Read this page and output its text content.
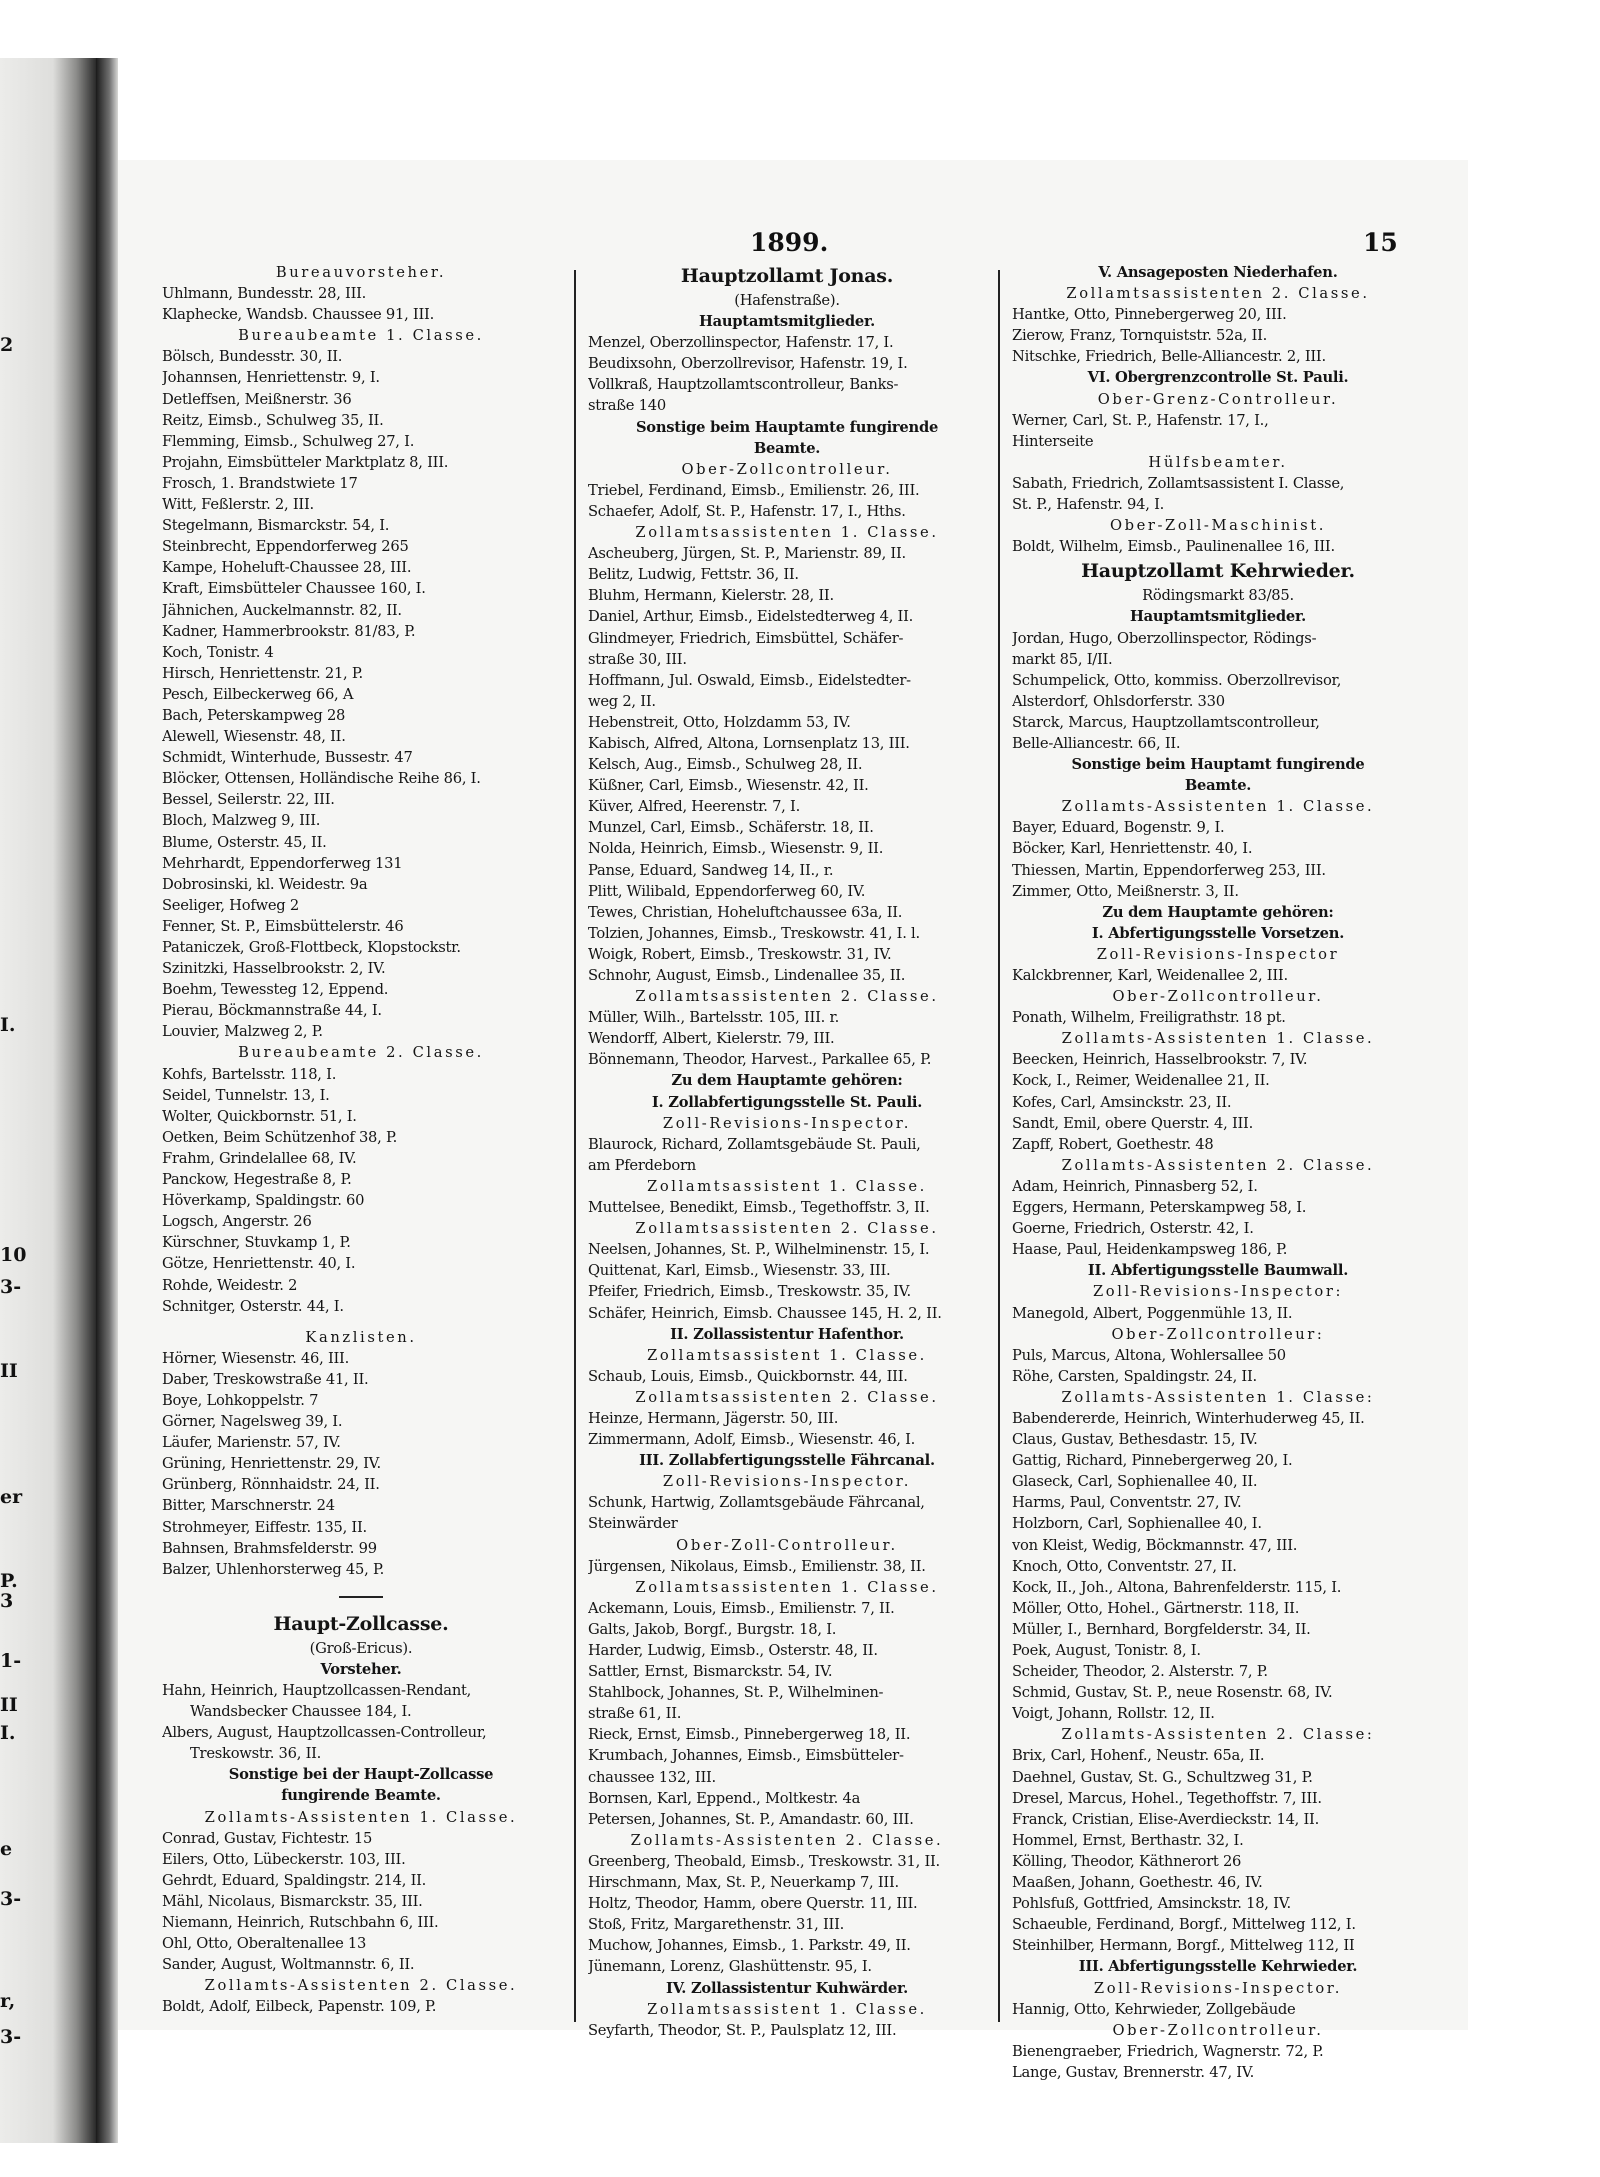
2
I.
10
3-
II
er
P.
3
1-
II
I.
e
3-
r,
3-
1899.	15
Bureauvorsteher.
Uhlmann, Bundesstr. 28, III.
Klaphecke, Wandsb. Chaussee 91, III.
Bureaubeamte 1. Classe.
Bölsch, Bundesstr. 30, II.
Johannsen, Henriettenstr. 9, I.
Detleffsen, Meißnerstr. 36
Reitz, Eimsb., Schulweg 35, II.
Flemming, Eimsb., Schulweg 27, I.
Projahn, Eimsbütteler Marktplatz 8, III.
Frosch, 1. Brandstwiete 17
Witt, Feßlerstr. 2, III.
Stegelmann, Bismarckstr. 54, I.
Steinbrecht, Eppendorferweg 265
Kampe, Hoheluft-Chaussee 28, III.
Kraft, Eimsbütteler Chaussee 160, I.
Jähnichen, Auckelmannstr. 82, II.
Kadner, Hammerbrookstr. 81/83, P.
Koch, Tonistr. 4
Hirsch, Henriettenstr. 21, P.
Pesch, Eilbeckerweg 66, A
Bach, Peterskampweg 28
Alewell, Wiesenstr. 48, II.
Schmidt, Winterhude, Bussestr. 47
Blöcker, Ottensen, Holländische Reihe 86, I.
Bessel, Seilerstr. 22, III.
Bloch, Malzweg 9, III.
Blume, Osterstr. 45, II.
Mehrhardt, Eppendorferweg 131
Dobrosinski, kl. Weidestr. 9a
Seeliger, Hofweg 2
Fenner, St. P., Eimsbüttelerstr. 46
Pataniczek, Groß-Flottbeck, Klopstockstr.
Szinitzki, Hasselbrookstr. 2, IV.
Boehm, Tewessteg 12, Eppend.
Pierau, Böckmannstraße 44, I.
Louvier, Malzweg 2, P.
Bureaubeamte 2. Classe.
Kohfs, Bartelsstr. 118, I.
Seidel, Tunnelstr. 13, I.
Wolter, Quickbornstr. 51, I.
Oetken, Beim Schützenhof 38, P.
Frahm, Grindelallee 68, IV.
Panckow, Hegestraße 8, P.
Höverkamp, Spaldingstr. 60
Logsch, Angerstr. 26
Kürschner, Stuvkamp 1, P.
Götze, Henriettenstr. 40, I.
Rohde, Weidestr. 2
Schnitger, Osterstr. 44, I.
Kanzlisten.
Hörner, Wiesenstr. 46, III.
Daber, Treskowstraße 41, II.
Boye, Lohkoppelstr. 7
Görner, Nagelsweg 39, I.
Läufer, Marienstr. 57, IV.
Grüning, Henriettenstr. 29, IV.
Grünberg, Rönnhaidstr. 24, II.
Bitter, Marschnerstr. 24
Strohmeyer, Eiffestr. 135, II.
Bahnsen, Brahmsfelderstr. 99
Balzer, Uhlenhorsterweg 45, P.
Haupt-Zollcasse.
(Groß-Ericus).
Vorsteher.
Hahn, Heinrich, Hauptzollcassen-Rendant,
Wandsbecker Chaussee 184, I.
Albers, August, Hauptzollcassen-Controlleur,
Treskowstr. 36, II.
Sonstige bei der Haupt-Zollcasse
fungirende Beamte.
Zollamts-Assistenten 1. Classe.
Conrad, Gustav, Fichtestr. 15
Eilers, Otto, Lübeckerstr. 103, III.
Gehrdt, Eduard, Spaldingstr. 214, II.
Mähl, Nicolaus, Bismarckstr. 35, III.
Niemann, Heinrich, Rutschbahn 6, III.
Ohl, Otto, Oberaltenallee 13
Sander, August, Woltmannstr. 6, II.
Zollamts-Assistenten 2. Classe.
Boldt, Adolf, Eilbeck, Papenstr. 109, P.
Hauptzollamt Jonas.
(Hafenstraße).
Hauptamtsmitglieder.
Menzel, Oberzollinspector, Hafenstr. 17, I.
Beudixsohn, Oberzollrevisor, Hafenstr. 19, I.
Vollkraß, Hauptzollamtscontrolleur, Banks-
straße 140
Sonstige beim Hauptamte fungirende
Beamte.
Ober-Zollcontrolleur.
Triebel, Ferdinand, Eimsb., Emilienstr. 26, III.
Schaefer, Adolf, St. P., Hafenstr. 17, I., Hths.
Zollamtsassistenten 1. Classe.
Ascheuberg, Jürgen, St. P., Marienstr. 89, II.
Belitz, Ludwig, Fettstr. 36, II.
Bluhm, Hermann, Kielerstr. 28, II.
Daniel, Arthur, Eimsb., Eidelstedterweg 4, II.
Glindmeyer, Friedrich, Eimsbüttel, Schäfer-
straße 30, III.
Hoffmann, Jul. Oswald, Eimsb., Eidelstedter-
weg 2, II.
Hebenstreit, Otto, Holzdamm 53, IV.
Kabisch, Alfred, Altona, Lornsenplatz 13, III.
Kelsch, Aug., Eimsb., Schulweg 28, II.
Küßner, Carl, Eimsb., Wiesenstr. 42, II.
Küver, Alfred, Heerenstr. 7, I.
Munzel, Carl, Eimsb., Schäferstr. 18, II.
Nolda, Heinrich, Eimsb., Wiesenstr. 9, II.
Panse, Eduard, Sandweg 14, II., r.
Plitt, Wilibald, Eppendorferweg 60, IV.
Tewes, Christian, Hoheluftchaussee 63a, II.
Tolzien, Johannes, Eimsb., Treskowstr. 41, I. l.
Woigk, Robert, Eimsb., Treskowstr. 31, IV.
Schnohr, August, Eimsb., Lindenallee 35, II.
Zollamtsassistenten 2. Classe.
Müller, Wilh., Bartelsstr. 105, III. r.
Wendorff, Albert, Kielerstr. 79, III.
Bönnemann, Theodor, Harvest., Parkallee 65, P.
Zu dem Hauptamte gehören:
I. Zollabfertigungsstelle St. Pauli.
Zoll-Revisions-Inspector.
Blaurock, Richard, Zollamtsgebäude St. Pauli,
am Pferdeborn
Zollamtsassistent 1. Classe.
Muttelsee, Benedikt, Eimsb., Tegethoffstr. 3, II.
Zollamtsassistenten 2. Classe.
Neelsen, Johannes, St. P., Wilhelminenstr. 15, I.
Quittenat, Karl, Eimsb., Wiesenstr. 33, III.
Pfeifer, Friedrich, Eimsb., Treskowstr. 35, IV.
Schäfer, Heinrich, Eimsb. Chaussee 145, H. 2, II.
II. Zollassistentur Hafenthor.
Zollamtsassistent 1. Classe.
Schaub, Louis, Eimsb., Quickbornstr. 44, III.
Zollamtsassistenten 2. Classe.
Heinze, Hermann, Jägerstr. 50, III.
Zimmermann, Adolf, Eimsb., Wiesenstr. 46, I.
III. Zollabfertigungsstelle Fährcanal.
Zoll-Revisions-Inspector.
Schunk, Hartwig, Zollamtsgebäude Fährcanal,
Steinwärder
Ober-Zoll-Controlleur.
Jürgensen, Nikolaus, Eimsb., Emilienstr. 38, II.
Zollamtsassistenten 1. Classe.
Ackemann, Louis, Eimsb., Emilienstr. 7, II.
Galts, Jakob, Borgf., Burgstr. 18, I.
Harder, Ludwig, Eimsb., Osterstr. 48, II.
Sattler, Ernst, Bismarckstr. 54, IV.
Stahlbock, Johannes, St. P., Wilhelminen-
straße 61, II.
Rieck, Ernst, Eimsb., Pinnebergerweg 18, II.
Krumbach, Johannes, Eimsb., Eimsbütteler-
chaussee 132, III.
Bornsen, Karl, Eppend., Moltkestr. 4a
Petersen, Johannes, St. P., Amandastr. 60, III.
Zollamts-Assistenten 2. Classe.
Greenberg, Theobald, Eimsb., Treskowstr. 31, II.
Hirschmann, Max, St. P., Neuerkamp 7, III.
Holtz, Theodor, Hamm, obere Querstr. 11, III.
Stoß, Fritz, Margarethenstr. 31, III.
Muchow, Johannes, Eimsb., 1. Parkstr. 49, II.
Jünemann, Lorenz, Glashüttenstr. 95, I.
IV. Zollassistentur Kuhwärder.
Zollamtsassistent 1. Classe.
Seyfarth, Theodor, St. P., Paulsplatz 12, III.
V. Ansageposten Niederhafen.
Zollamtsassistenten 2. Classe.
Hantke, Otto, Pinnebergerweg 20, III.
Zierow, Franz, Tornquiststr. 52a, II.
Nitschke, Friedrich, Belle-Alliancestr. 2, III.
VI. Obergrenzcontrolle St. Pauli.
Ober-Grenz-Controlleur.
Werner, Carl, St. P., Hafenstr. 17, I.,
Hinterseite
Hülfsbeamter.
Sabath, Friedrich, Zollamtsassistent I. Classe,
St. P., Hafenstr. 94, I.
Ober-Zoll-Maschinist.
Boldt, Wilhelm, Eimsb., Paulinenallee 16, III.
Hauptzollamt Kehrwieder.
Rödingsmarkt 83/85.
Hauptamtsmitglieder.
Jordan, Hugo, Oberzollinspector, Rödings-
markt 85, I/II.
Schumpelick, Otto, kommiss. Oberzollrevisor,
Alsterdorf, Ohlsdorferstr. 330
Starck, Marcus, Hauptzollamtscontrolleur,
Belle-Alliancestr. 66, II.
Sonstige beim Hauptamt fungirende
Beamte.
Zollamts-Assistenten 1. Classe.
Bayer, Eduard, Bogenstr. 9, I.
Böcker, Karl, Henriettenstr. 40, I.
Thiessen, Martin, Eppendorferweg 253, III.
Zimmer, Otto, Meißnerstr. 3, II.
Zu dem Hauptamte gehören:
I. Abfertigungsstelle Vorsetzen.
Zoll-Revisions-Inspector
Kalckbrenner, Karl, Weidenallee 2, III.
Ober-Zollcontrolleur.
Ponath, Wilhelm, Freiligrathstr. 18 pt.
Zollamts-Assistenten 1. Classe.
Beecken, Heinrich, Hasselbrookstr. 7, IV.
Kock, I., Reimer, Weidenallee 21, II.
Kofes, Carl, Amsinckstr. 23, II.
Sandt, Emil, obere Querstr. 4, III.
Zapff, Robert, Goethestr. 48
Zollamts-Assistenten 2. Classe.
Adam, Heinrich, Pinnasberg 52, I.
Eggers, Hermann, Peterskampweg 58, I.
Goerne, Friedrich, Osterstr. 42, I.
Haase, Paul, Heidenkampsweg 186, P.
II. Abfertigungsstelle Baumwall.
Zoll-Revisions-Inspector:
Manegold, Albert, Poggenmühle 13, II.
Ober-Zollcontrolleur:
Puls, Marcus, Altona, Wohlersallee 50
Röhe, Carsten, Spaldingstr. 24, II.
Zollamts-Assistenten 1. Classe:
Babendererde, Heinrich, Winterhuderweg 45, II.
Claus, Gustav, Bethesdastr. 15, IV.
Gattig, Richard, Pinnebergerweg 20, I.
Glaseck, Carl, Sophienallee 40, II.
Harms, Paul, Conventstr. 27, IV.
Holzborn, Carl, Sophienallee 40, I.
von Kleist, Wedig, Böckmannstr. 47, III.
Knoch, Otto, Conventstr. 27, II.
Kock, II., Joh., Altona, Bahrenfelderstr. 115, I.
Möller, Otto, Hohel., Gärtnerstr. 118, II.
Müller, I., Bernhard, Borgfelderstr. 34, II.
Poek, August, Tonistr. 8, I.
Scheider, Theodor, 2. Alsterstr. 7, P.
Schmid, Gustav, St. P., neue Rosenstr. 68, IV.
Voigt, Johann, Rollstr. 12, II.
Zollamts-Assistenten 2. Classe:
Brix, Carl, Hohenf., Neustr. 65a, II.
Daehnel, Gustav, St. G., Schultzweg 31, P.
Dresel, Marcus, Hohel., Tegethoffstr. 7, III.
Franck, Cristian, Elise-Averdieckstr. 14, II.
Hommel, Ernst, Berthastr. 32, I.
Kölling, Theodor, Käthnerort 26
Maaßen, Johann, Goethestr. 46, IV.
Pohlsfuß, Gottfried, Amsinckstr. 18, IV.
Schaeuble, Ferdinand, Borgf., Mittelweg 112, I.
Steinhilber, Hermann, Borgf., Mittelweg 112, II
III. Abfertigungsstelle Kehrwieder.
Zoll-Revisions-Inspector.
Hannig, Otto, Kehrwieder, Zollgebäude
Ober-Zollcontrolleur.
Bienengraeber, Friedrich, Wagnerstr. 72, P.
Lange, Gustav, Brennerstr. 47, IV.
